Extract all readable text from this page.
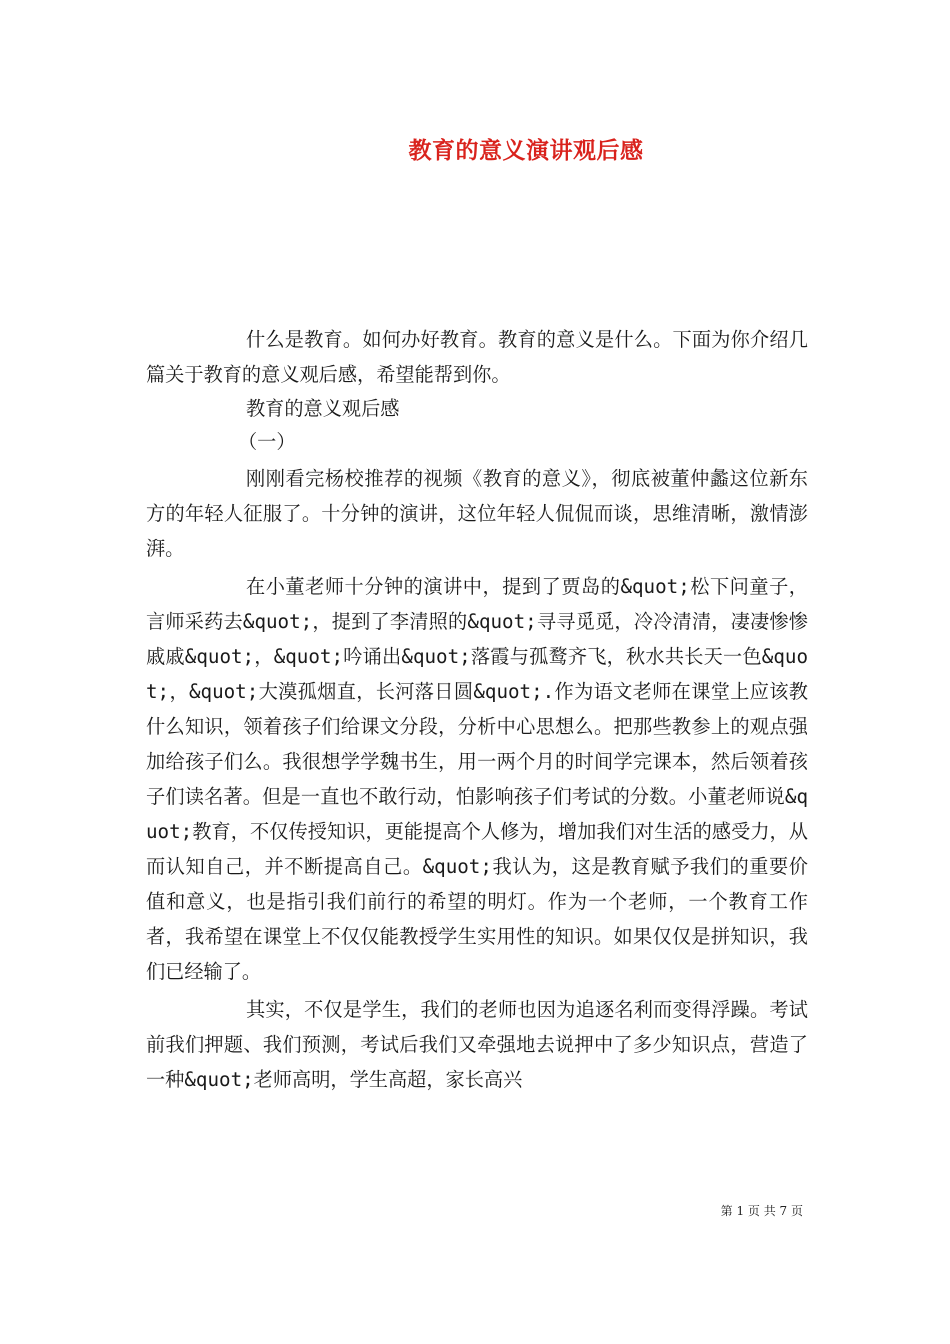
教育的意义演讲观后感

什么是教育。如何办好教育。教育的意义是什么。下面为你介绍几篇关于教育的意义观后感，希望能帮到你。

教育的意义观后感

（一）

刚刚看完杨校推荐的视频《教育的意义》，彻底被董仲蠡这位新东方的年轻人征服了。十分钟的演讲，这位年轻人侃侃而谈，思维清晰，激情澎湃。

在小董老师十分钟的演讲中，提到了贾岛的&quot;松下问童子，言师采药去&quot;，提到了李清照的&quot;寻寻觅觅，冷冷清清，凄凄惨惨戚戚&quot;，&quot;吟诵出&quot;落霞与孤鹜齐飞，秋水共长天一色&quot;，&quot;大漠孤烟直，长河落日圆&quot;.作为语文老师在课堂上应该教什么知识，领着孩子们给课文分段，分析中心思想么。把那些教参上的观点强加给孩子们么。我很想学学魏书生，用一两个月的时间学完课本，然后领着孩子们读名著。但是一直也不敢行动，怕影响孩子们考试的分数。小董老师说&quot;教育，不仅传授知识，更能提高个人修为，增加我们对生活的感受力，从而认知自己，并不断提高自己。&quot;我认为，这是教育赋予我们的重要价值和意义，也是指引我们前行的希望的明灯。作为一个老师，一个教育工作者，我希望在课堂上不仅仅能教授学生实用性的知识。如果仅仅是拼知识，我们已经输了。

其实，不仅是学生，我们的老师也因为追逐名利而变得浮躁。考试前我们押题、我们预测，考试后我们又牵强地去说押中了多少知识点，营造了一种&quot;老师高明，学生高超，家长高兴

第 1 页 共 7 页
